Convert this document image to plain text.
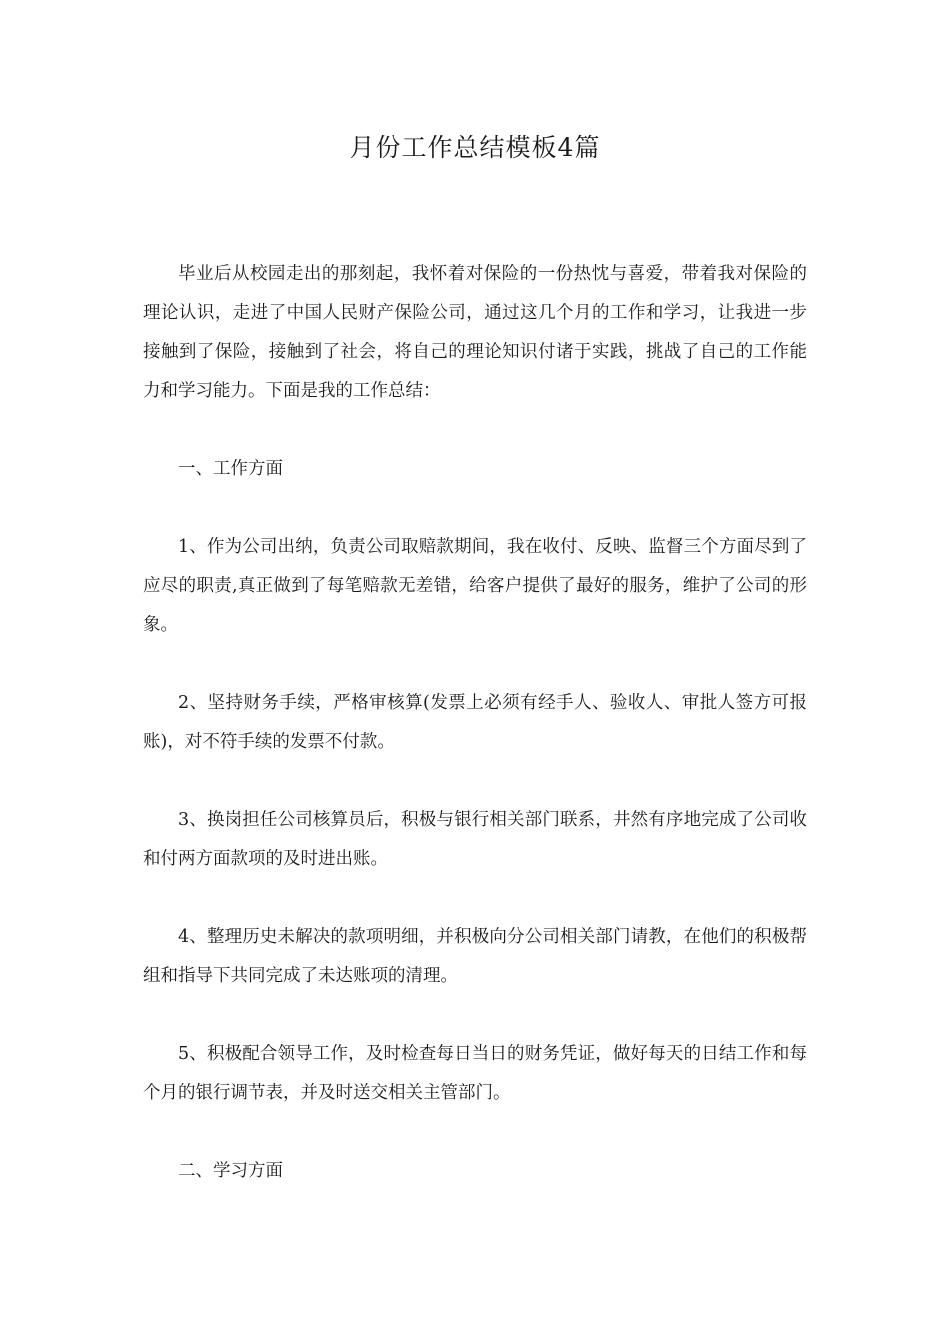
月份工作总结模板4篇

毕业后从校园走出的那刻起，我怀着对保险的一份热忱与喜爱，带着我对保险的理论认识，走进了中国人民财产保险公司，通过这几个月的工作和学习，让我进一步接触到了保险，接触到了社会，将自己的理论知识付诸于实践，挑战了自己的工作能力和学习能力。下面是我的工作总结：

一、工作方面

1、作为公司出纳，负责公司取赔款期间，我在收付、反映、监督三个方面尽到了应尽的职责,真正做到了每笔赔款无差错，给客户提供了最好的服务，维护了公司的形象。

2、坚持财务手续，严格审核算(发票上必须有经手人、验收人、审批人签方可报账)，对不符手续的发票不付款。

3、换岗担任公司核算员后，积极与银行相关部门联系，井然有序地完成了公司收和付两方面款项的及时进出账。

4、整理历史未解决的款项明细，并积极向分公司相关部门请教，在他们的积极帮组和指导下共同完成了未达账项的清理。

5、积极配合领导工作，及时检查每日当日的财务凭证，做好每天的日结工作和每个月的银行调节表，并及时送交相关主管部门。

二、学习方面
